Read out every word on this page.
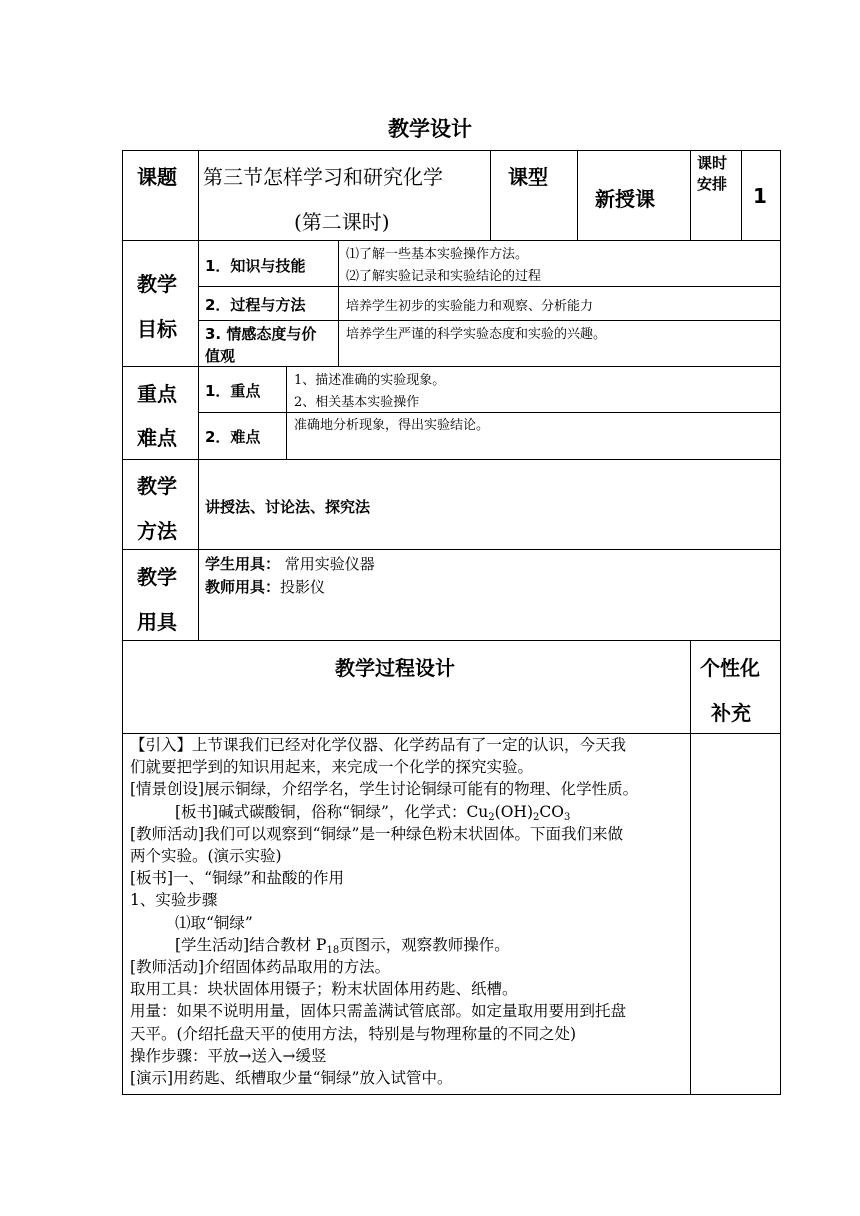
教学设计
课题 第三节怎样学习和研究化学
(第二课时)
课型
新授课
课时
安排 1
教学
目标
1．知识与技能
⑴了解一些基本实验操作方法。
⑵了解实验记录和实验结论的过程
2．过程与方法	培养学生初步的实验能力和观察、分析能力
3. 情感态度与价
值观
培养学生严谨的科学实验态度和实验的兴趣。
重点
难点
1．重点
1、描述准确的实验现象。
2、相关基本实验操作
2．难点
准确地分析现象，得出实验结论。
教学
方法
讲授法、讨论法、探究法
教学
用具
学生用具： 常用实验仪器
教师用具：投影仪
教学过程设计	个性化
补充
【引入】上节课我们已经对化学仪器、化学药品有了一定的认识，今天我
们就要把学到的知识用起来，来完成一个化学的探究实验。
[情景创设]展示铜绿，介绍学名，学生讨论铜绿可能有的物理、化学性质。
[板书]碱式碳酸铜，俗称“铜绿”，化学式：$Cu_2(OH)_2CO_3$
[教师活动]我们可以观察到“铜绿”是一种绿色粉末状固体。下面我们来做
两个实验。(演示实验)
[板书]一、“铜绿”和盐酸的作用
1、实验步骤
⑴取“铜绿”
[学生活动]结合教材 $P_{18}$页图示，观察教师操作。
[教师活动]介绍固体药品取用的方法。
取用工具：块状固体用镊子；粉末状固体用药匙、纸槽。
用量：如果不说明用量，固体只需盖满试管底部。如定量取用要用到托盘
天平。(介绍托盘天平的使用方法，特别是与物理称量的不同之处)
操作步骤：平放→送入→缓竖
[演示]用药匙、纸槽取少量“铜绿”放入试管中。
